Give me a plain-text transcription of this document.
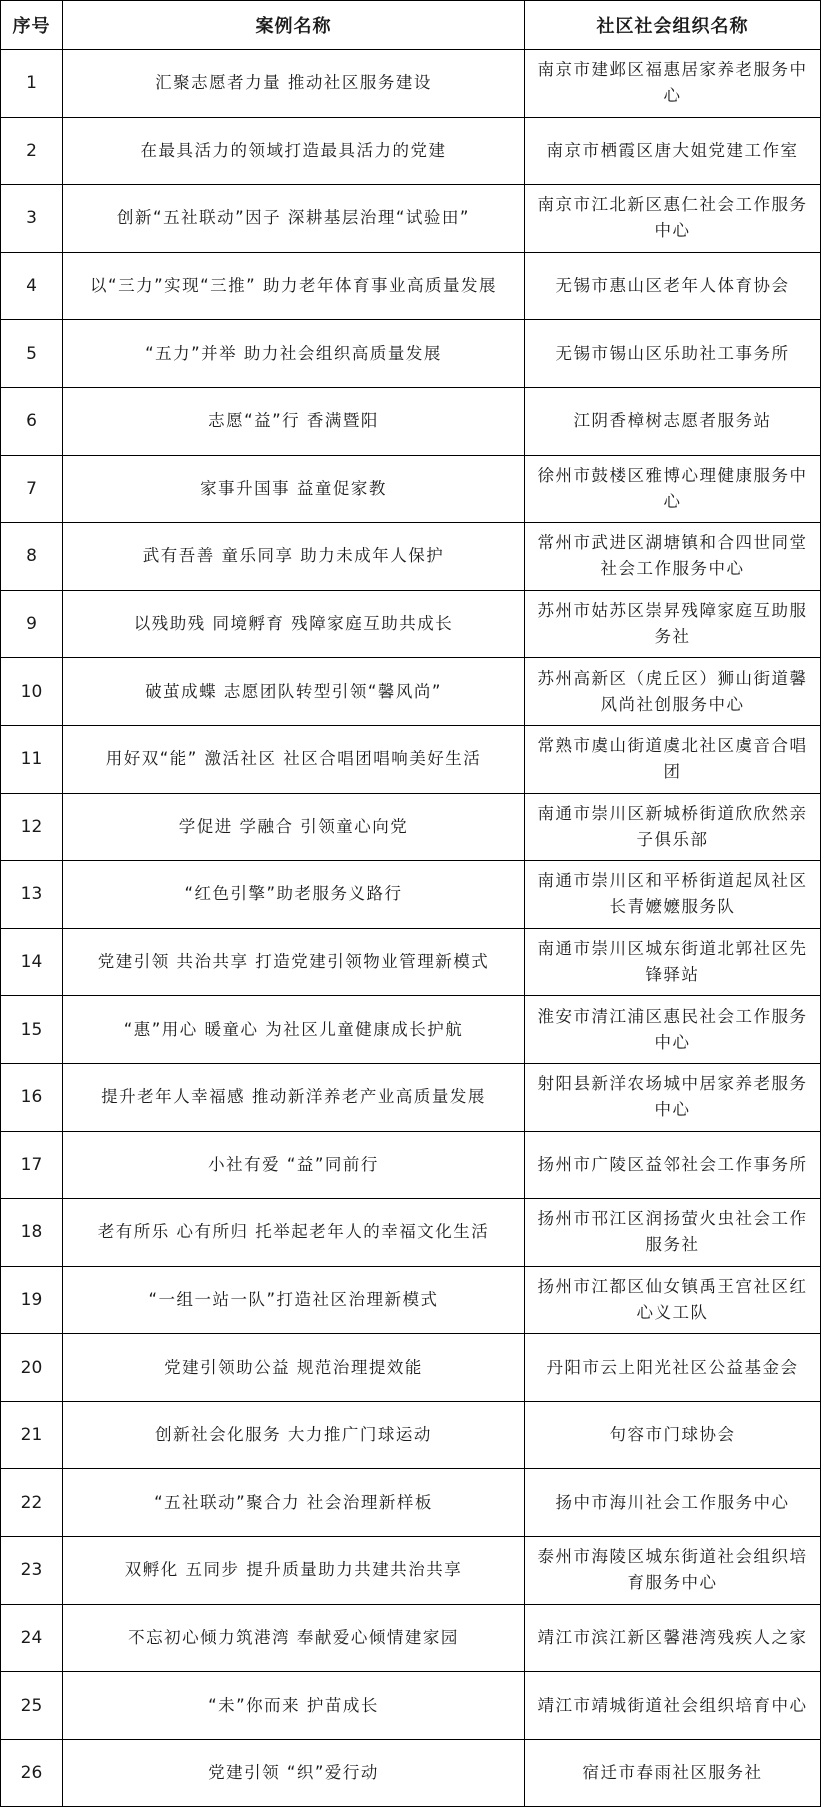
序号	案例名称	社区社会组织名称
1	汇聚志愿者力量 推动社区服务建设	南京市建邺区福惠居家养老服务中心
2	在最具活力的领域打造最具活力的党建	南京市栖霞区唐大姐党建工作室
3	创新“五社联动”因子 深耕基层治理“试验田”	南京市江北新区惠仁社会工作服务中心
4	以“三力”实现“三推” 助力老年体育事业高质量发展	无锡市惠山区老年人体育协会
5	“五力”并举 助力社会组织高质量发展	无锡市锡山区乐助社工事务所
6	志愿“益”行 香满暨阳	江阴香樟树志愿者服务站
7	家事升国事 益童促家教	徐州市鼓楼区雅博心理健康服务中心
8	武有吾善 童乐同享 助力未成年人保护	常州市武进区湖塘镇和合四世同堂社会工作服务中心
9	以残助残 同境孵育 残障家庭互助共成长	苏州市姑苏区崇昇残障家庭互助服务社
10	破茧成蝶 志愿团队转型引领“馨风尚”	苏州高新区（虎丘区）狮山街道馨风尚社创服务中心
11	用好双“能” 激活社区 社区合唱团唱响美好生活	常熟市虞山街道虞北社区虞音合唱团
12	学促进 学融合 引领童心向党	南通市崇川区新城桥街道欣欣然亲子俱乐部
13	“红色引擎”助老服务义路行	南通市崇川区和平桥街道起凤社区长青嬷嬷服务队
14	党建引领 共治共享 打造党建引领物业管理新模式	南通市崇川区城东街道北郭社区先锋驿站
15	“惠”用心 暖童心 为社区儿童健康成长护航	淮安市清江浦区惠民社会工作服务中心
16	提升老年人幸福感 推动新洋养老产业高质量发展	射阳县新洋农场城中居家养老服务中心
17	小社有爱 “益”同前行	扬州市广陵区益邻社会工作事务所
18	老有所乐 心有所归 托举起老年人的幸福文化生活	扬州市邗江区润扬萤火虫社会工作服务社
19	“一组一站一队”打造社区治理新模式	扬州市江都区仙女镇禹王宫社区红心义工队
20	党建引领助公益 规范治理提效能	丹阳市云上阳光社区公益基金会
21	创新社会化服务 大力推广门球运动	句容市门球协会
22	“五社联动”聚合力 社会治理新样板	扬中市海川社会工作服务中心
23	双孵化 五同步 提升质量助力共建共治共享	泰州市海陵区城东街道社会组织培育服务中心
24	不忘初心倾力筑港湾 奉献爱心倾情建家园	靖江市滨江新区馨港湾残疾人之家
25	“未”你而来 护苗成长	靖江市靖城街道社会组织培育中心
26	党建引领 “织”爱行动	宿迁市春雨社区服务社
